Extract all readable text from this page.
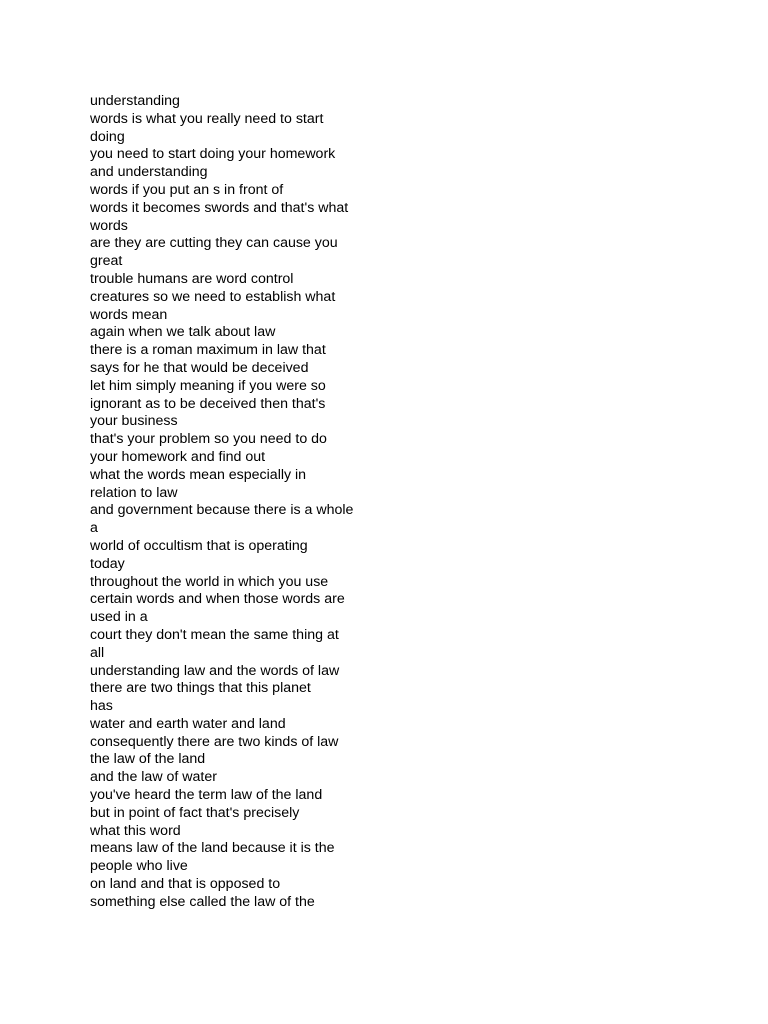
understanding
words is what you really need to start
doing
you need to start doing your homework
and understanding
words if you put an s in front of
words it becomes swords and that's what
words
are they are cutting they can cause you
great
trouble humans are word control
creatures so we need to establish what
words mean
again when we talk about law
there is a roman maximum in law that
says for he that would be deceived
let him simply meaning if you were so
ignorant as to be deceived then that's
your business
that's your problem so you need to do
your homework and find out
what the words mean especially in
relation to law
and government because there is a whole
a
world of occultism that is operating
today
throughout the world in which you use
certain words and when those words are
used in a
court they don't mean the same thing at
all
understanding law and the words of law
there are two things that this planet
has
water and earth water and land
consequently there are two kinds of law
the law of the land
and the law of water
you've heard the term law of the land
but in point of fact that's precisely
what this word
means law of the land because it is the
people who live
on land and that is opposed to
something else called the law of the
